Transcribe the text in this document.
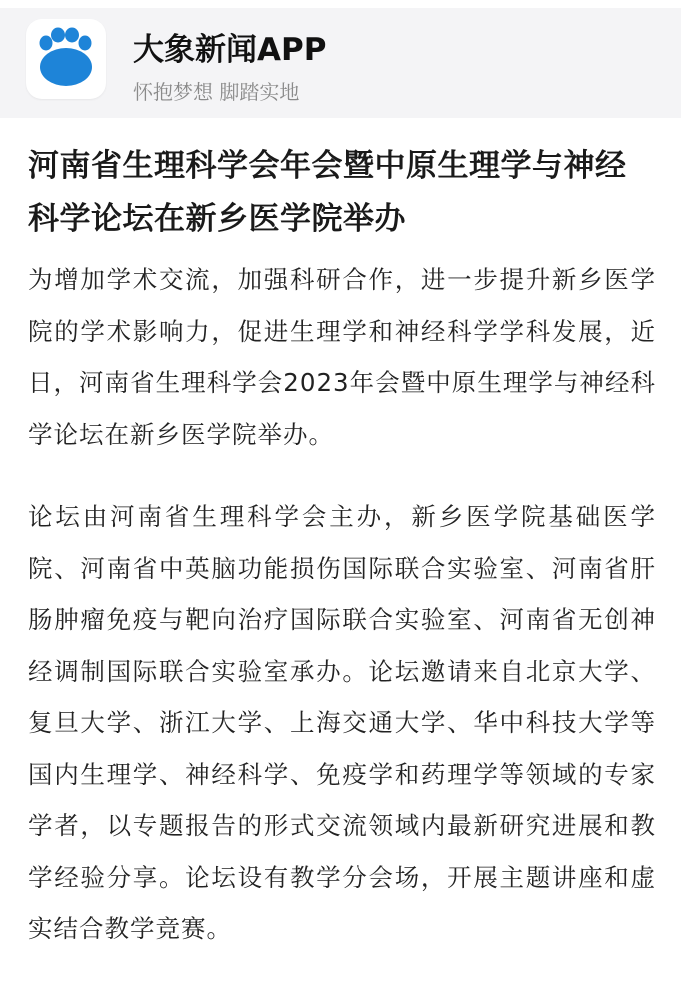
大象新闻APP
怀抱梦想 脚踏实地
河南省生理科学会年会暨中原生理学与神经科学论坛在新乡医学院举办

为增加学术交流，加强科研合作，进一步提升新乡医学院的学术影响力，促进生理学和神经科学学科发展，近日，河南省生理科学会2023年会暨中原生理学与神经科学论坛在新乡医学院举办。

论坛由河南省生理科学会主办，新乡医学院基础医学院、河南省中英脑功能损伤国际联合实验室、河南省肝肠肿瘤免疫与靶向治疗国际联合实验室、河南省无创神经调制国际联合实验室承办。论坛邀请来自北京大学、复旦大学、浙江大学、上海交通大学、华中科技大学等国内生理学、神经科学、免疫学和药理学等领域的专家学者，以专题报告的形式交流领域内最新研究进展和教学经验分享。论坛设有教学分会场，开展主题讲座和虚实结合教学竞赛。
